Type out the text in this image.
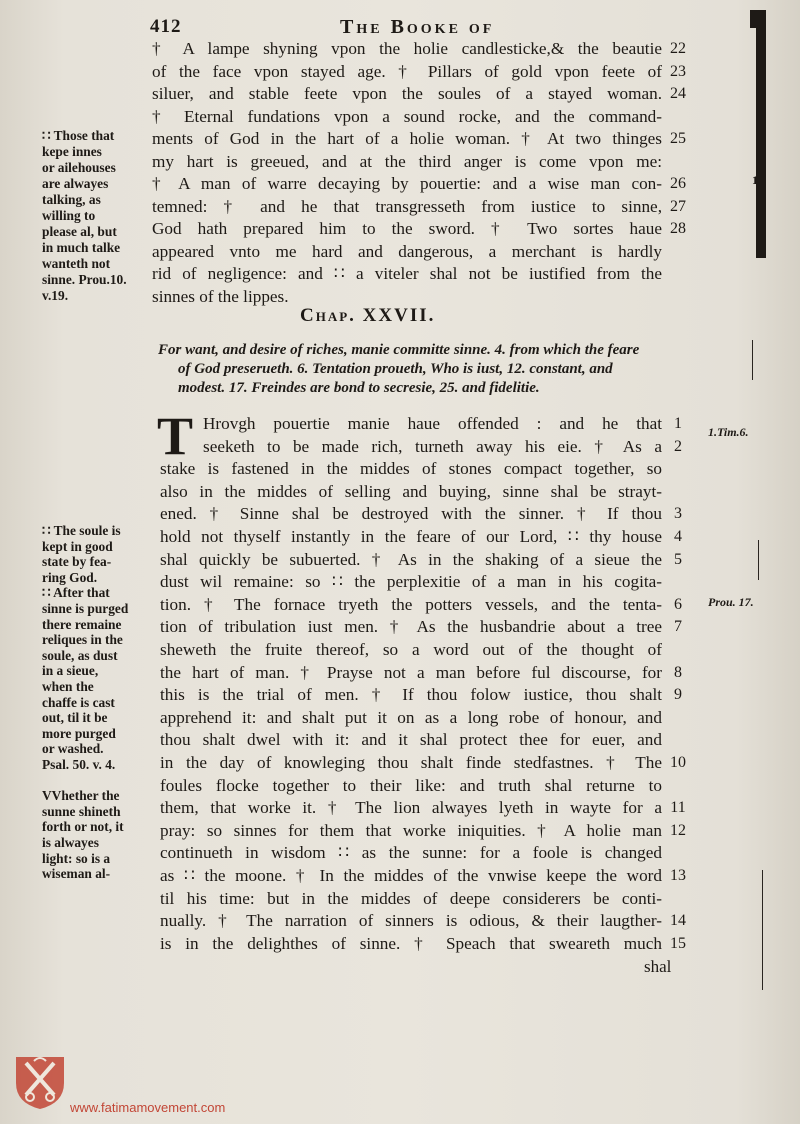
412	The Booke of
† A lampe shyning vpon the holie candlesticke,& the beautie 22
of the face vpon stayed age. † Pillars of gold vpon feete of 23
siluer, and stable feete vpon the soules of a stayed woman. 24
† Eternal fundations vpon a sound rocke, and the command-
ments of God in the hart of a holie woman. † At two thinges 25
my hart is greeued, and at the third anger is come vpon me:
† A man of warre decaying by pouertie: and a wise man con- 26
temned: † and he that transgresseth from iustice to sinne, 27
God hath prepared him to the sword. † Two sortes haue 28
appeared vnto me hard and dangerous, a merchant is hardly
rid of negligence: and ∷ a viteler shal not be iustified from the
sinnes of the lippes.
∷ Those that
kepe innes
or ailehouses
are alwayes
talking, as
willing to
please al, but
in much talke
wanteth not
sinne. Prou.10.
v.19.
Chap. XXVII.
For want, and desire of riches, manie committe sinne. 4. from which the feare
of God preserueth. 6. Tentation proueth, Who is iust, 12. constant, and
modest. 17. Freindes are bond to secresie, 25. and fidelitie.
T Hrovgh pouertie manie haue offended : and he that 1
seeketh to be made rich, turneth away his eie. † As a 2
stake is fastened in the middes of stones compact together, so
also in the middes of selling and buying, sinne shal be strayt-
ened. † Sinne shal be destroyed with the sinner. † If thou 3
hold not thyself instantly in the feare of our Lord, ∷ thy house 4
shal quickly be subuerted. † As in the shaking of a sieue the 5
dust wil remaine: so ∷ the perplexitie of a man in his cogita-
tion. † The fornace tryeth the potters vessels, and the tenta- 6
tion of tribulation iust men. † As the husbandrie about a tree 7
sheweth the fruite thereof, so a word out of the thought of
the hart of man. † Prayse not a man before ful discourse, for 8
this is the trial of men. † If thou folow iustice, thou shalt 9
apprehend it: and shalt put it on as a long robe of honour, and
thou shalt dwel with it: and it shal protect thee for euer, and
in the day of knowleging thou shalt finde stedfastnes. † The 10
foules flocke together to their like: and truth shal returne to
them, that worke it. † The lion alwayes lyeth in wayte for a 11
pray: so sinnes for them that worke iniquities. † A holie man 12
continueth in wisdom ∷ as the sunne: for a foole is changed
as ∷ the moone. † In the middes of the vnwise keepe the word 13
til his time: but in the middes of deepe considerers be conti-
nually. † The narration of sinners is odious, & their laugther- 14
is in the delighthes of sinne. † Speach that sweareth much 15
∷ The soule is
kept in good
state by fea-
ring God.
∷ After that
sinne is purged
there remaine
reliques in the
soule, as dust
in a sieue,
when the
chaffe is cast
out, til it be
more purged
or washed.
Psal. 50. v. 4.
VVhether the
sunne shineth
forth or not, it
is alwayes
light: so is a
wiseman al-
1.Tim.6.
Prou. 17.
1.
shal
www.fatimamovement.com
